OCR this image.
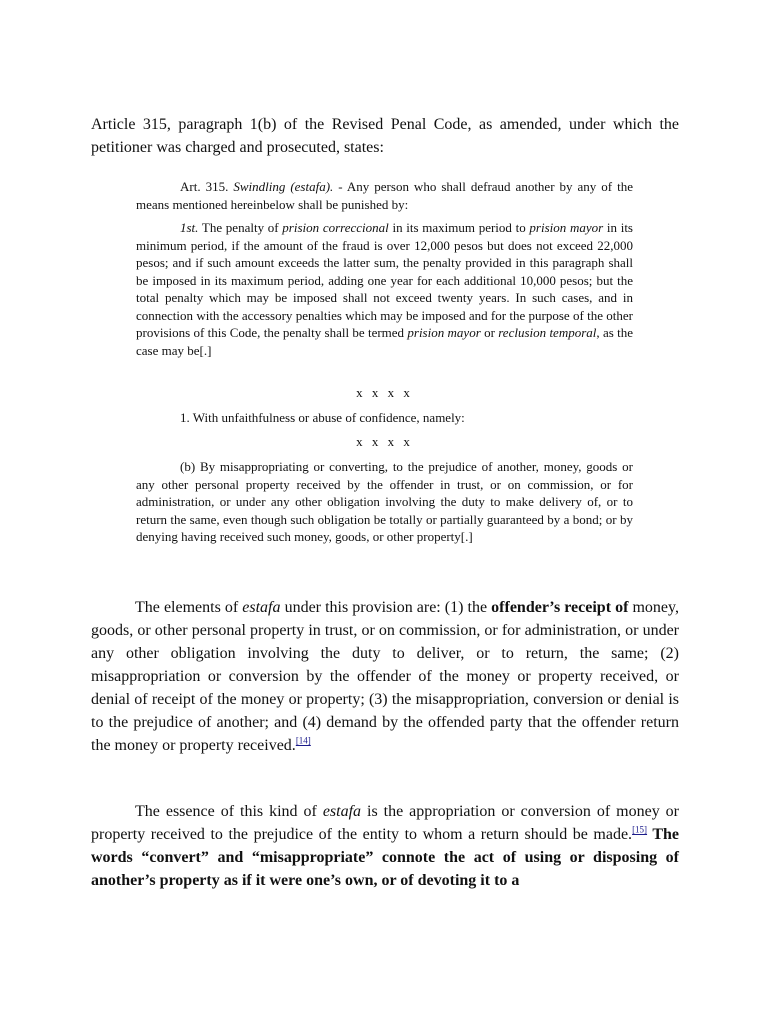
Article 315, paragraph 1(b) of the Revised Penal Code, as amended, under which the petitioner was charged and prosecuted, states:

Art. 315. Swindling (estafa). - Any person who shall defraud another by any of the means mentioned hereinbelow shall be punished by:

1st. The penalty of prision correccional in its maximum period to prision mayor in its minimum period, if the amount of the fraud is over 12,000 pesos but does not exceed 22,000 pesos; and if such amount exceeds the latter sum, the penalty provided in this paragraph shall be imposed in its maximum period, adding one year for each additional 10,000 pesos; but the total penalty which may be imposed shall not exceed twenty years. In such cases, and in connection with the accessory penalties which may be imposed and for the purpose of the other provisions of this Code, the penalty shall be termed prision mayor or reclusion temporal, as the case may be[.]

x x x x

1. With unfaithfulness or abuse of confidence, namely:

x x x x

(b) By misappropriating or converting, to the prejudice of another, money, goods or any other personal property received by the offender in trust, or on commission, or for administration, or under any other obligation involving the duty to make delivery of, or to return the same, even though such obligation be totally or partially guaranteed by a bond; or by denying having received such money, goods, or other property[.]

The elements of estafa under this provision are: (1) the offender’s receipt of money, goods, or other personal property in trust, or on commission, or for administration, or under any other obligation involving the duty to deliver, or to return, the same; (2) misappropriation or conversion by the offender of the money or property received, or denial of receipt of the money or property; (3) the misappropriation, conversion or denial is to the prejudice of another; and (4) demand by the offended party that the offender return the money or property received.[14]

The essence of this kind of estafa is the appropriation or conversion of money or property received to the prejudice of the entity to whom a return should be made.[15] The words “convert” and “misappropriate” connote the act of using or disposing of another’s property as if it were one’s own, or of devoting it to a
